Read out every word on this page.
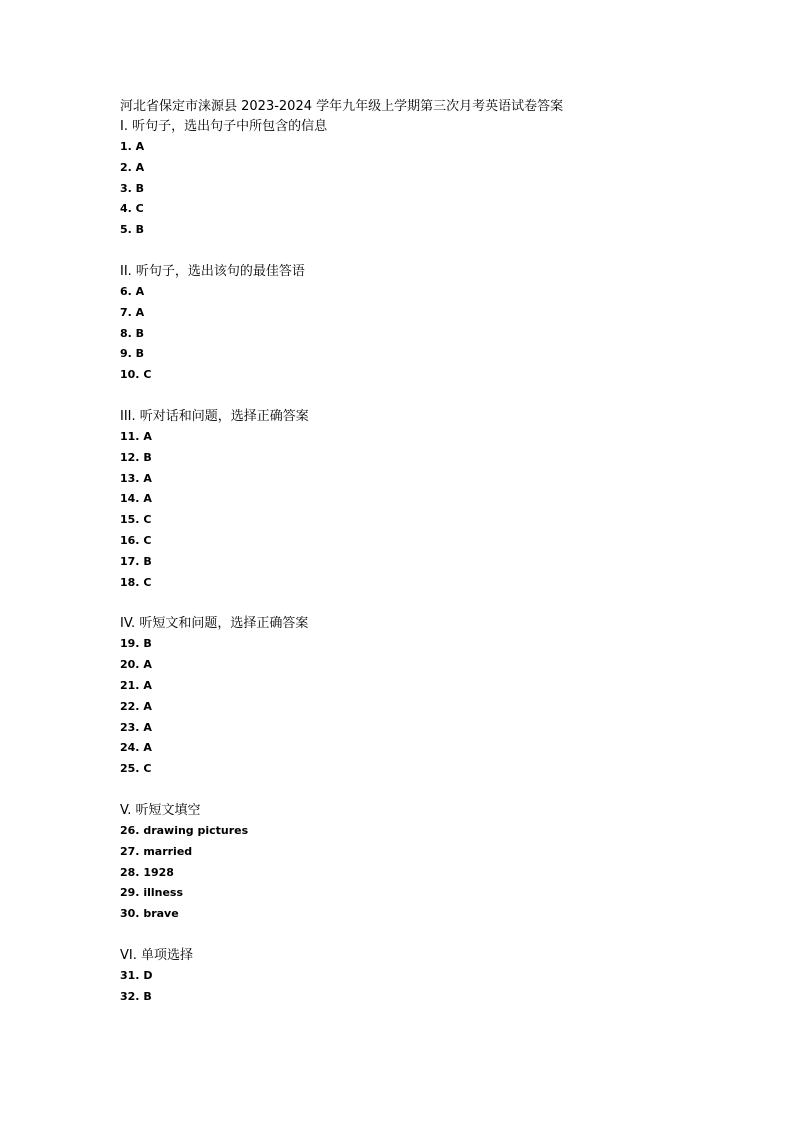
河北省保定市涞源县 2023-2024 学年九年级上学期第三次月考英语试卷答案
I. 听句子，选出句子中所包含的信息
1. A
2. A
3. B
4. C
5. B
II. 听句子，选出该句的最佳答语
6. A
7. A
8. B
9. B
10. C
III. 听对话和问题，选择正确答案
11. A
12. B
13. A
14. A
15. C
16. C
17. B
18. C
IV. 听短文和问题，选择正确答案
19. B
20. A
21. A
22. A
23. A
24. A
25. C
V. 听短文填空
26. drawing pictures
27. married
28. 1928
29. illness
30. brave
VI. 单项选择
31. D
32. B
